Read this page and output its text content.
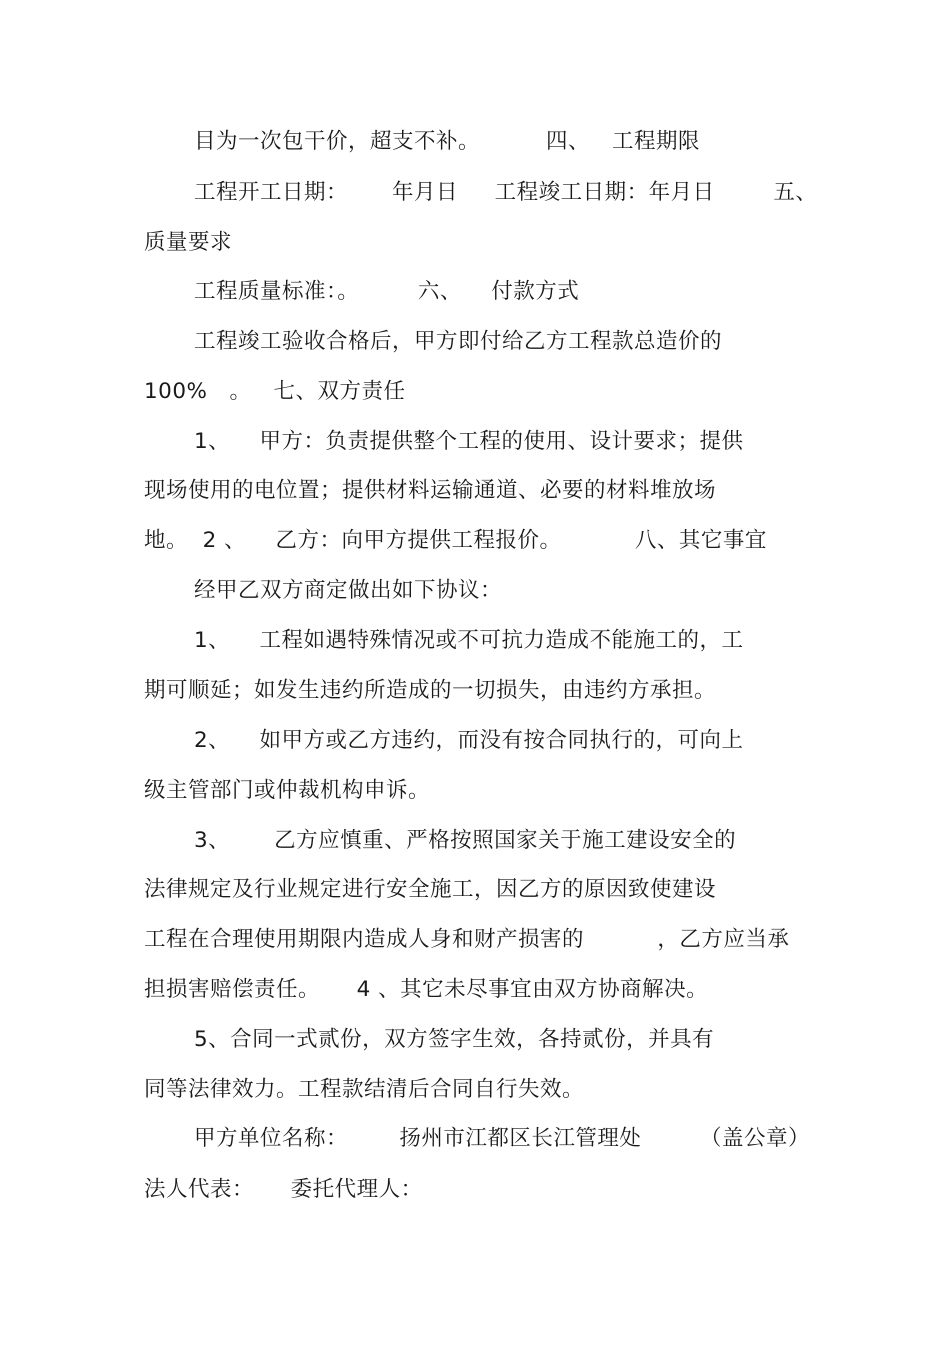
目为一次包干价，超支不补。         四、   工程期限
工程开工日期：      年月日     工程竣工日期：年月日        五、
质量要求
工程质量标准：。        六、    付款方式
工程竣工验收合格后，甲方即付给乙方工程款总造价的
100%   。   七、双方责任
1、    甲方：负责提供整个工程的使用、设计要求；提供
现场使用的电位置；提供材料运输通道、必要的材料堆放场
地。  2 、    乙方：向甲方提供工程报价。          八、其它事宜
经甲乙双方商定做出如下协议：
1、    工程如遇特殊情况或不可抗力造成不能施工的，工
期可顺延；如发生违约所造成的一切损失，由违约方承担。
2、    如甲方或乙方违约，而没有按合同执行的，可向上
级主管部门或仲裁机构申诉。
3、      乙方应慎重、严格按照国家关于施工建设安全的
法律规定及行业规定进行安全施工，因乙方的原因致使建设
工程在合理使用期限内造成人身和财产损害的          ，乙方应当承
担损害赔偿责任。     4 、其它未尽事宜由双方协商解决。
5、合同一式贰份，双方签字生效，各持贰份，并具有
同等法律效力。工程款结清后合同自行失效。
甲方单位名称：       扬州市江都区长江管理处        （盖公章）
法人代表：     委托代理人：
